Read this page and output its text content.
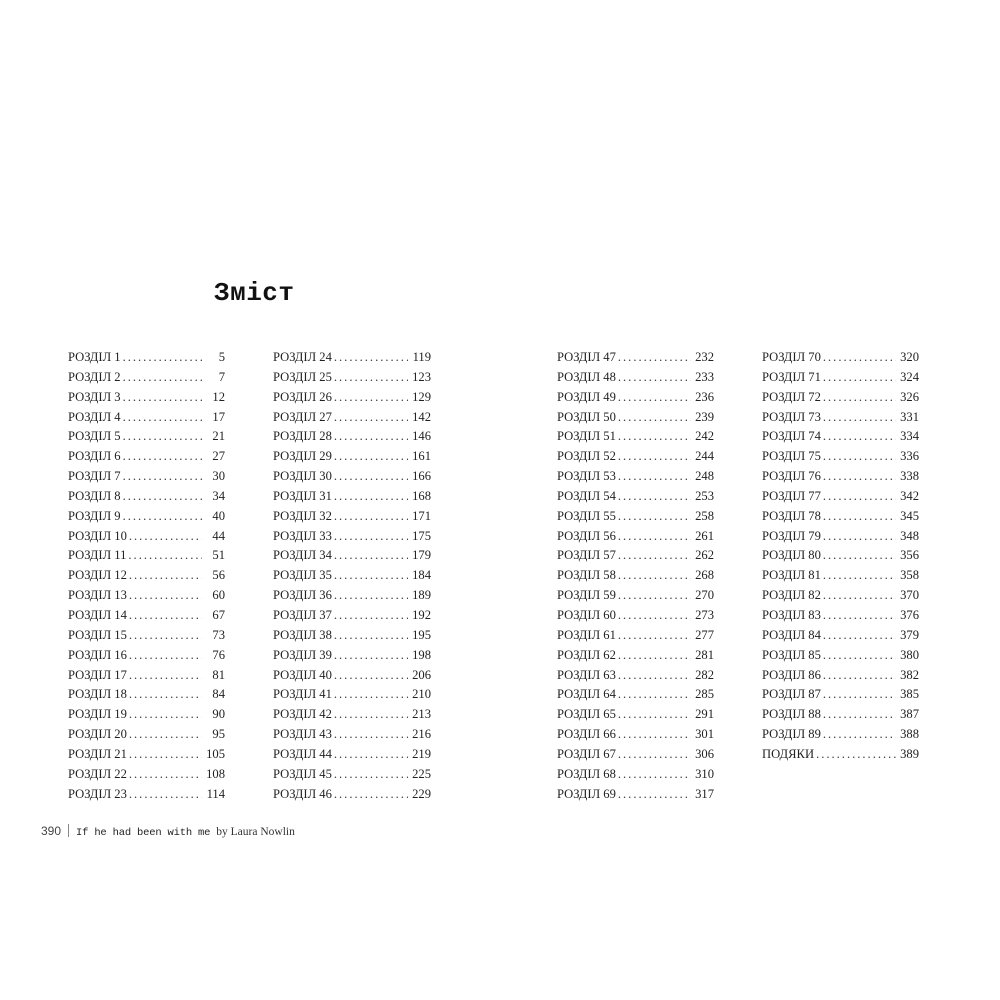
Зміст
РОЗДІЛ 1 .....	5
РОЗДІЛ 2 .....	7
РОЗДІЛ 3 .....	12
РОЗДІЛ 4 .....	17
РОЗДІЛ 5 .....	21
РОЗДІЛ 6 .....	27
РОЗДІЛ 7 .....	30
РОЗДІЛ 8 .....	34
РОЗДІЛ 9 .....	40
РОЗДІЛ 10 .....	44
РОЗДІЛ 11 .....	51
РОЗДІЛ 12 .....	56
РОЗДІЛ 13 .....	60
РОЗДІЛ 14 .....	67
РОЗДІЛ 15 .....	73
РОЗДІЛ 16 .....	76
РОЗДІЛ 17 .....	81
РОЗДІЛ 18 .....	84
РОЗДІЛ 19 .....	90
РОЗДІЛ 20 .....	95
РОЗДІЛ 21 .....	105
РОЗДІЛ 22 .....	108
РОЗДІЛ 23 .....	114
РОЗДІЛ 24 .....	119
РОЗДІЛ 25 .....	123
РОЗДІЛ 26 .....	129
РОЗДІЛ 27 .....	142
РОЗДІЛ 28 .....	146
РОЗДІЛ 29 .....	161
РОЗДІЛ 30 .....	166
РОЗДІЛ 31 .....	168
РОЗДІЛ 32 .....	171
РОЗДІЛ 33 .....	175
РОЗДІЛ 34 .....	179
РОЗДІЛ 35 .....	184
РОЗДІЛ 36 .....	189
РОЗДІЛ 37 .....	192
РОЗДІЛ 38 .....	195
РОЗДІЛ 39 .....	198
РОЗДІЛ 40 .....	206
РОЗДІЛ 41 .....	210
РОЗДІЛ 42 .....	213
РОЗДІЛ 43 .....	216
РОЗДІЛ 44 .....	219
РОЗДІЛ 45 .....	225
РОЗДІЛ 46 .....	229
РОЗДІЛ 47 .....	232
РОЗДІЛ 48 .....	233
РОЗДІЛ 49 .....	236
РОЗДІЛ 50 .....	239
РОЗДІЛ 51 .....	242
РОЗДІЛ 52 .....	244
РОЗДІЛ 53 .....	248
РОЗДІЛ 54 .....	253
РОЗДІЛ 55 .....	258
РОЗДІЛ 56 .....	261
РОЗДІЛ 57 .....	262
РОЗДІЛ 58 .....	268
РОЗДІЛ 59 .....	270
РОЗДІЛ 60 .....	273
РОЗДІЛ 61 .....	277
РОЗДІЛ 62 .....	281
РОЗДІЛ 63 .....	282
РОЗДІЛ 64 .....	285
РОЗДІЛ 65 .....	291
РОЗДІЛ 66 .....	301
РОЗДІЛ 67 .....	306
РОЗДІЛ 68 .....	310
РОЗДІЛ 69 .....	317
РОЗДІЛ 70 .....	320
РОЗДІЛ 71 .....	324
РОЗДІЛ 72 .....	326
РОЗДІЛ 73 .....	331
РОЗДІЛ 74 .....	334
РОЗДІЛ 75 .....	336
РОЗДІЛ 76 .....	338
РОЗДІЛ 77 .....	342
РОЗДІЛ 78 .....	345
РОЗДІЛ 79 .....	348
РОЗДІЛ 80 .....	356
РОЗДІЛ 81 .....	358
РОЗДІЛ 82 .....	370
РОЗДІЛ 83 .....	376
РОЗДІЛ 84 .....	379
РОЗДІЛ 85 .....	380
РОЗДІЛ 86 .....	382
РОЗДІЛ 87 .....	385
РОЗДІЛ 88 .....	387
РОЗДІЛ 89 .....	388
ПОДЯКИ .....	389
390 If he had been with me by Laura Nowlin
